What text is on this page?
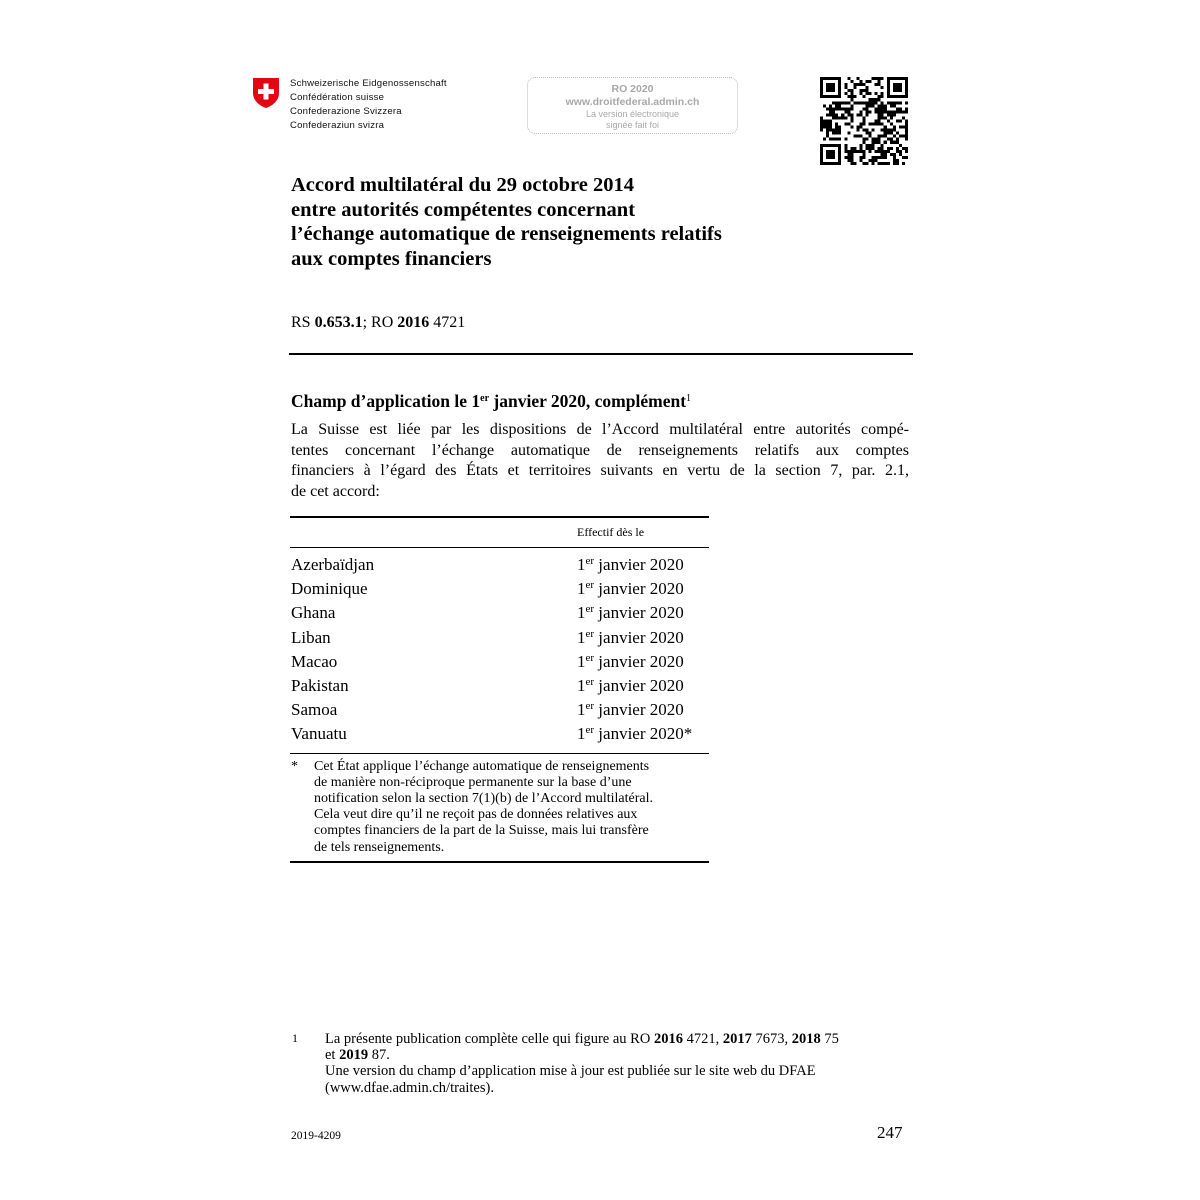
Schweizerische Eidgenossenschaft
Confédération suisse
Confederazione Svizzera
Confederaziun svizra
RO 2020
www.droitfederal.admin.ch
La version électronique
signée fait foi
Accord multilatéral du 29 octobre 2014
entre autorités compétentes concernant
l’échange automatique de renseignements relatifs
aux comptes financiers
RS 0.653.1; RO 2016 4721
Champ d’application le 1er janvier 2020, complément$^1$
La Suisse est liée par les dispositions de l’Accord multilatéral entre autorités compé-
tentes concernant l’échange automatique de renseignements relatifs aux comptes
financiers à l’égard des États et territoires suivants en vertu de la section 7, par. 2.1,
de cet accord:
Effectif dès le
Azerbaïdjan	1er janvier 2020
Dominique	1er janvier 2020
Ghana	1er janvier 2020
Liban	1er janvier 2020
Macao	1er janvier 2020
Pakistan	1er janvier 2020
Samoa	1er janvier 2020
Vanuatu	1er janvier 2020*
* Cet État applique l’échange automatique de renseignements
de manière non-réciproque permanente sur la base d’une
notification selon la section 7(1)(b) de l’Accord multilatéral.
Cela veut dire qu’il ne reçoit pas de données relatives aux
comptes financiers de la part de la Suisse, mais lui transfère
de tels renseignements.
1 La présente publication complète celle qui figure au RO 2016 4721, 2017 7673, 2018 75
et 2019 87.
Une version du champ d’application mise à jour est publiée sur le site web du DFAE
(www.dfae.admin.ch/traites).
2019-4209	247
